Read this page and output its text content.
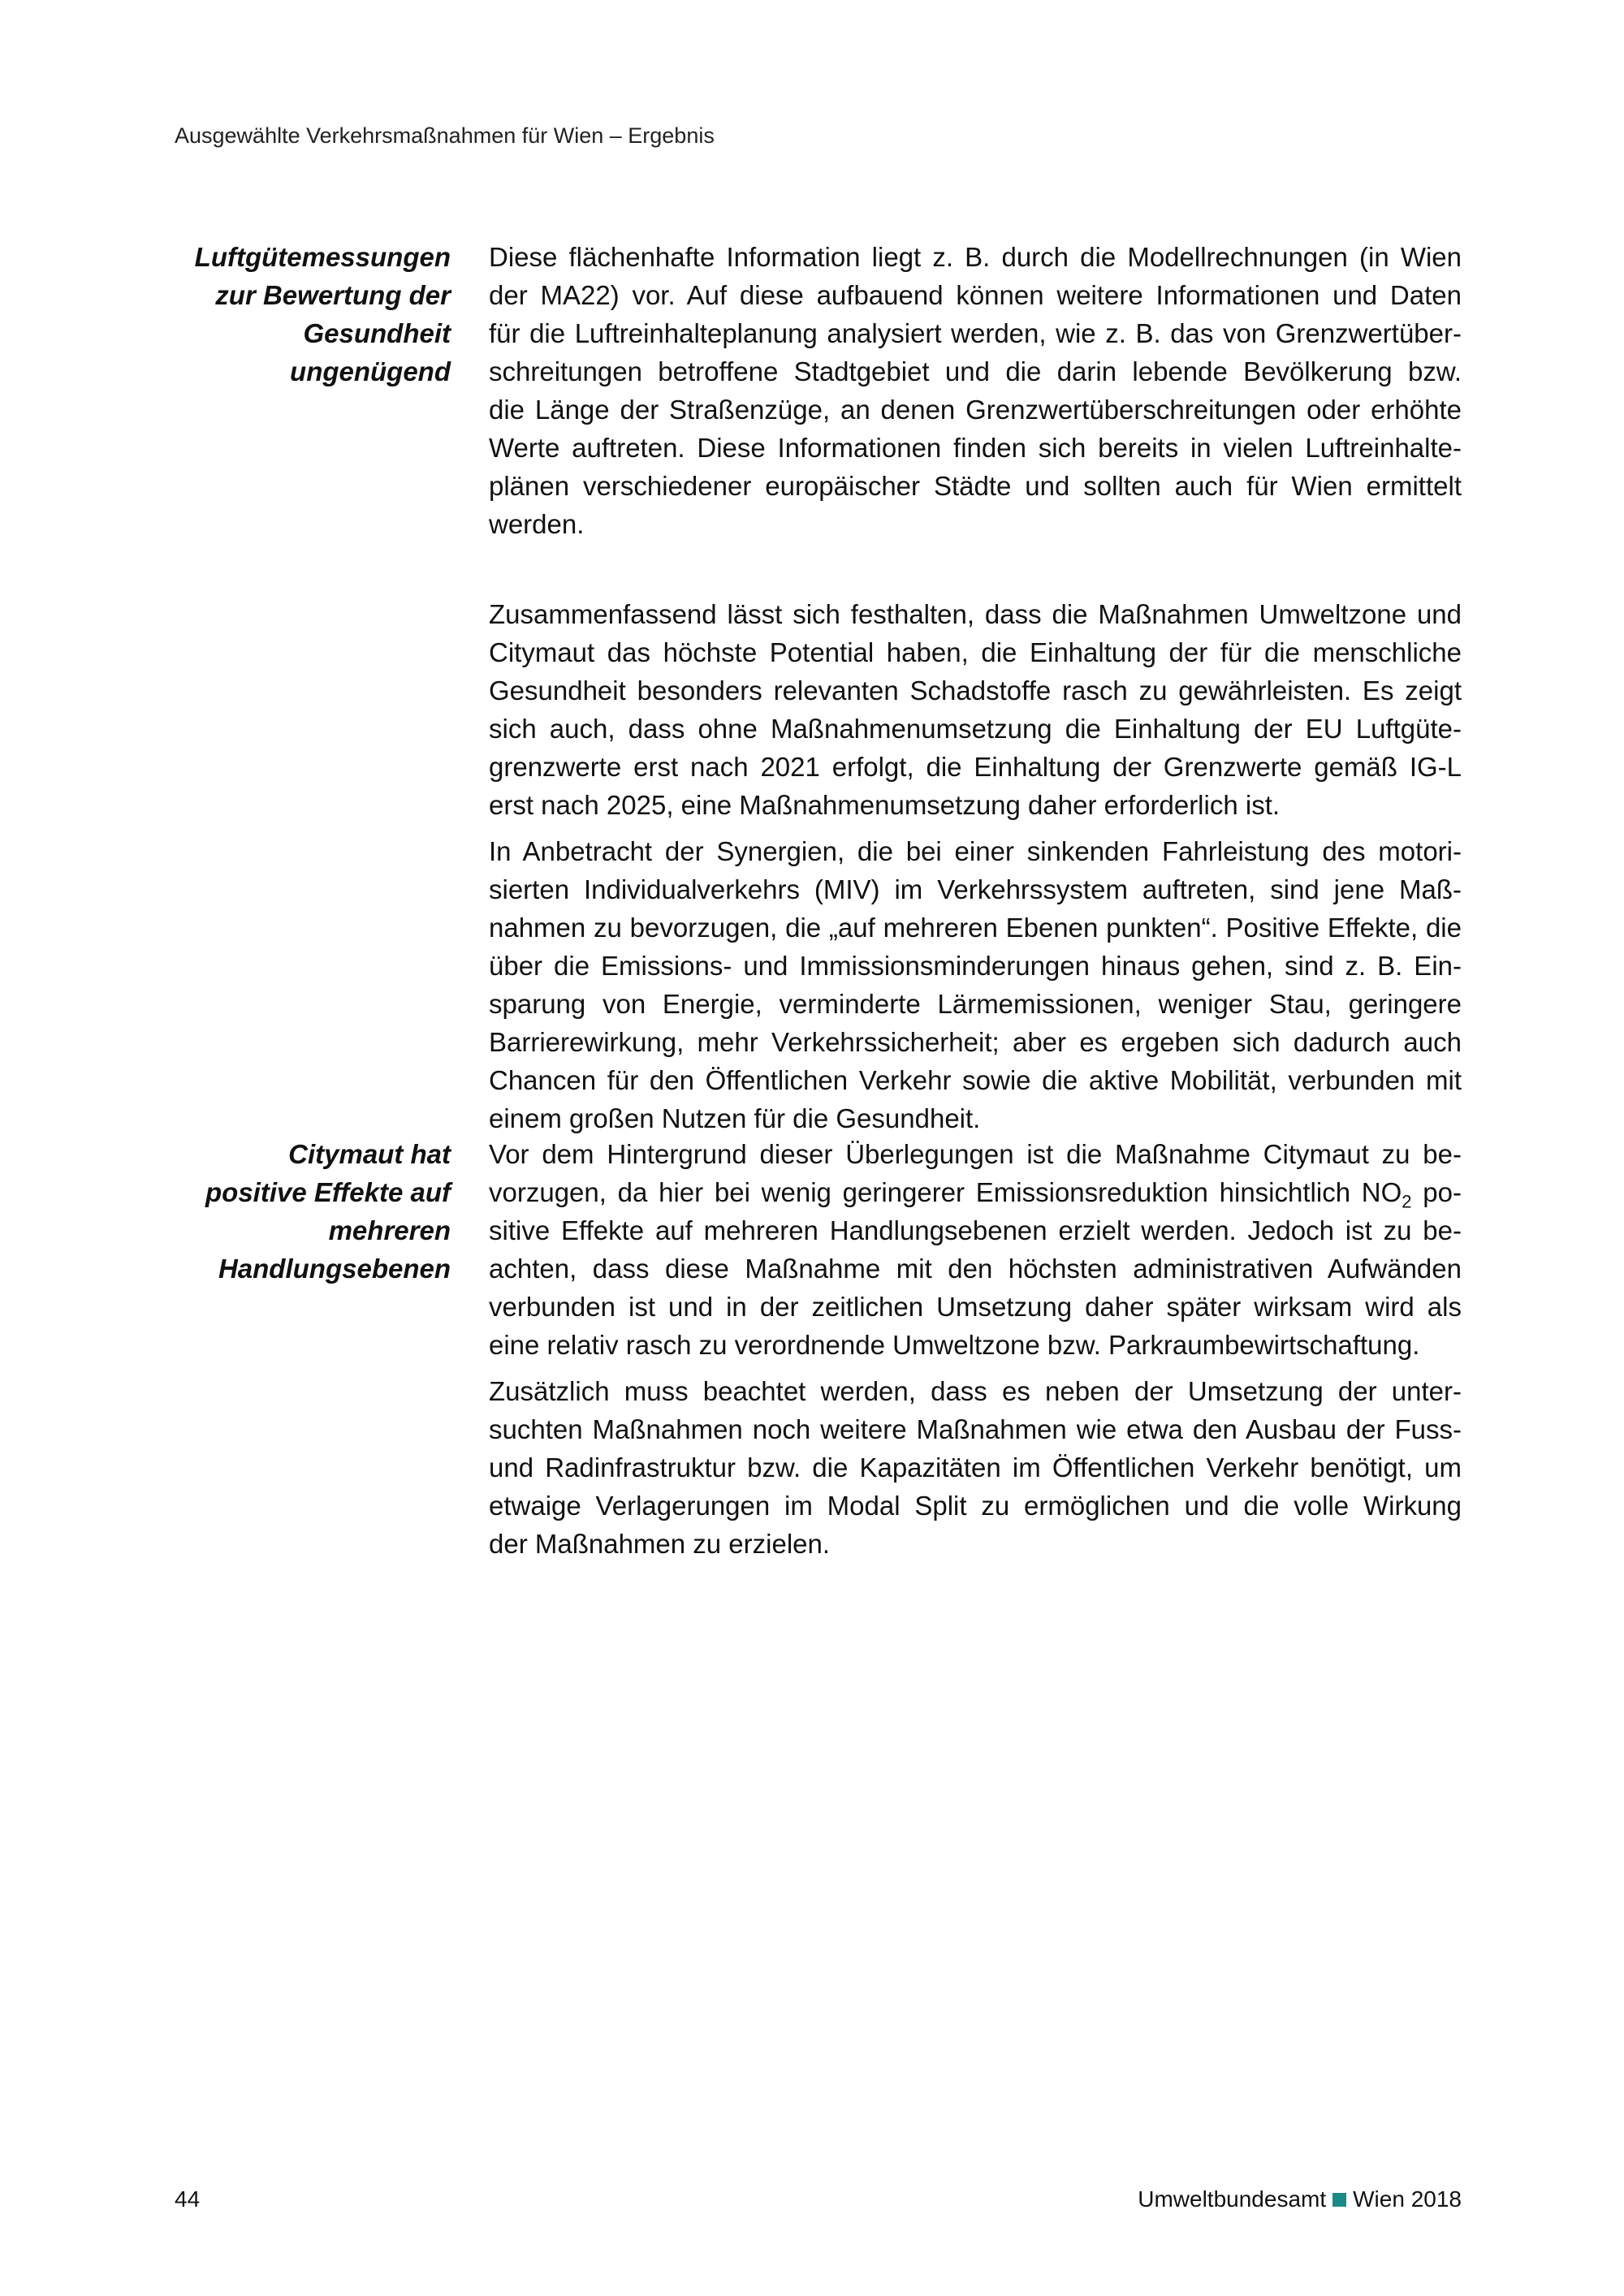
Ausgewählte Verkehrsmaßnahmen für Wien – Ergebnis
Luftgütemessungen
zur Bewertung der
Gesundheit
ungenügend

Diese flächenhafte Information liegt z. B. durch die Modellrechnungen (in Wien
der MA22) vor. Auf diese aufbauend können weitere Informationen und Daten
für die Luftreinhalteplanung analysiert werden, wie z. B. das von Grenzwertüber-
schreitungen betroffene Stadtgebiet und die darin lebende Bevölkerung bzw.
die Länge der Straßenzüge, an denen Grenzwertüberschreitungen oder erhöhte
Werte auftreten. Diese Informationen finden sich bereits in vielen Luftreinhalte-
plänen verschiedener europäischer Städte und sollten auch für Wien ermittelt
werden.

Zusammenfassend lässt sich festhalten, dass die Maßnahmen Umweltzone und
Citymaut das höchste Potential haben, die Einhaltung der für die menschliche
Gesundheit besonders relevanten Schadstoffe rasch zu gewährleisten. Es zeigt
sich auch, dass ohne Maßnahmenumsetzung die Einhaltung der EU Luftgüte-
grenzwerte erst nach 2021 erfolgt, die Einhaltung der Grenzwerte gemäß IG-L
erst nach 2025, eine Maßnahmenumsetzung daher erforderlich ist.

In Anbetracht der Synergien, die bei einer sinkenden Fahrleistung des motori-
sierten Individualverkehrs (MIV) im Verkehrssystem auftreten, sind jene Maß-
nahmen zu bevorzugen, die „auf mehreren Ebenen punkten“. Positive Effekte, die
über die Emissions- und Immissionsminderungen hinaus gehen, sind z. B. Ein-
sparung von Energie, verminderte Lärmemissionen, weniger Stau, geringere
Barrierewirkung, mehr Verkehrssicherheit; aber es ergeben sich dadurch auch
Chancen für den Öffentlichen Verkehr sowie die aktive Mobilität, verbunden mit
einem großen Nutzen für die Gesundheit.

Citymaut hat
positive Effekte auf
mehreren
Handlungsebenen

Vor dem Hintergrund dieser Überlegungen ist die Maßnahme Citymaut zu be-
vorzugen, da hier bei wenig geringerer Emissionsreduktion hinsichtlich $NO_2$ po-
sitive Effekte auf mehreren Handlungsebenen erzielt werden. Jedoch ist zu be-
achten, dass diese Maßnahme mit den höchsten administrativen Aufwänden
verbunden ist und in der zeitlichen Umsetzung daher später wirksam wird als
eine relativ rasch zu verordnende Umweltzone bzw. Parkraumbewirtschaftung.

Zusätzlich muss beachtet werden, dass es neben der Umsetzung der unter-
suchten Maßnahmen noch weitere Maßnahmen wie etwa den Ausbau der Fuss-
und Radinfrastruktur bzw. die Kapazitäten im Öffentlichen Verkehr benötigt, um
etwaige Verlagerungen im Modal Split zu ermöglichen und die volle Wirkung
der Maßnahmen zu erzielen.

44	Umweltbundesamt Wien 2018
